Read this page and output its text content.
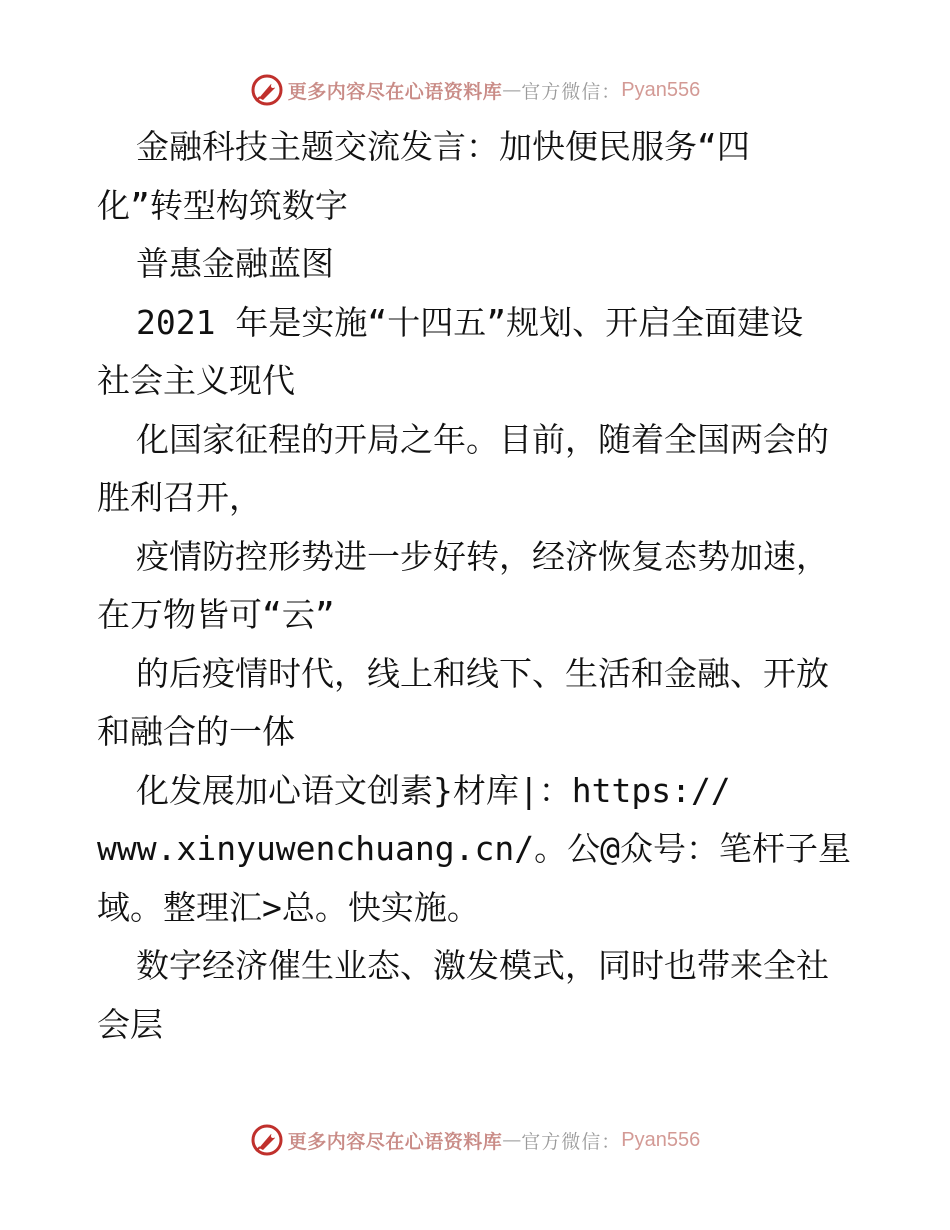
更多内容尽在心语资料库 — 官方微信： Pyan556
金融科技主题交流发言：加快便民服务“四
化”转型构筑数字
普惠金融蓝图
2021 年是实施“十四五”规划、开启全面建设
社会主义现代
化国家征程的开局之年。目前，随着全国两会的
胜利召开，
疫情防控形势进一步好转，经济恢复态势加速，
在万物皆可“云”
的后疫情时代，线上和线下、生活和金融、开放
和融合的一体
化发展加心语文创素}材库|：https://
www.xinyuwenchuang.cn/。公@众号：笔杆子星
域。整理汇>总。快实施。
数字经济催生业态、激发模式，同时也带来全社
会层
更多内容尽在心语资料库 — 官方微信： Pyan556
